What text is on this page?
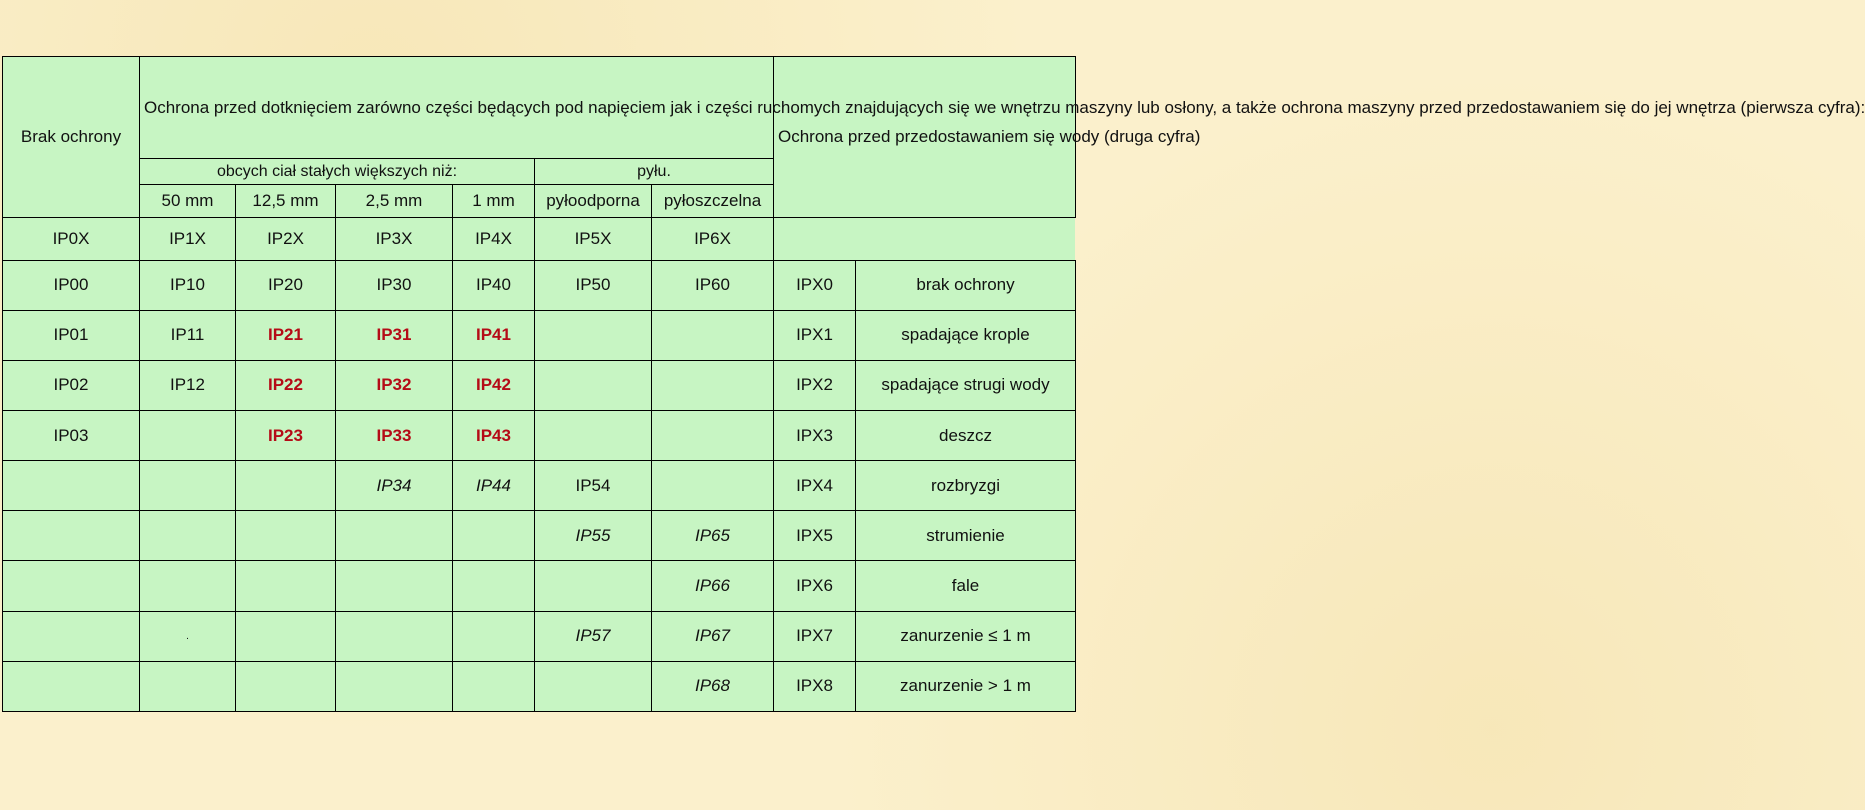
Brak ochrony	Ochrona przed dotknięciem zarówno części będących pod napięciem jak i części ruchomych znajdujących się we wnętrzu maszyny lub osłony, a także ochrona maszyny przed przedostawaniem się do jej wnętrza (pierwsza cyfra):						Ochrona przed przedostawaniem się wody (druga cyfra)	
	obcych ciał stałych większych niż:				pyłu.			
	50 mm	12,5 mm	2,5 mm	1 mm	pyłoodporna	pyłoszczelna		
IP0X	IP1X	IP2X	IP3X	IP4X	IP5X	IP6X		
IP00	IP10	IP20	IP30	IP40	IP50	IP60	IPX0	brak ochrony
IP01	IP11	IP21	IP31	IP41			IPX1	spadające krople
IP02	IP12	IP22	IP32	IP42			IPX2	spadające strugi wody
IP03		IP23	IP33	IP43			IPX3	deszcz
			IP34	IP44	IP54		IPX4	rozbryzgi
					IP55	IP65	IPX5	strumienie
						IP66	IPX6	fale
	.				IP57	IP67	IPX7	zanurzenie ≤ 1 m
						IP68	IPX8	zanurzenie > 1 m
